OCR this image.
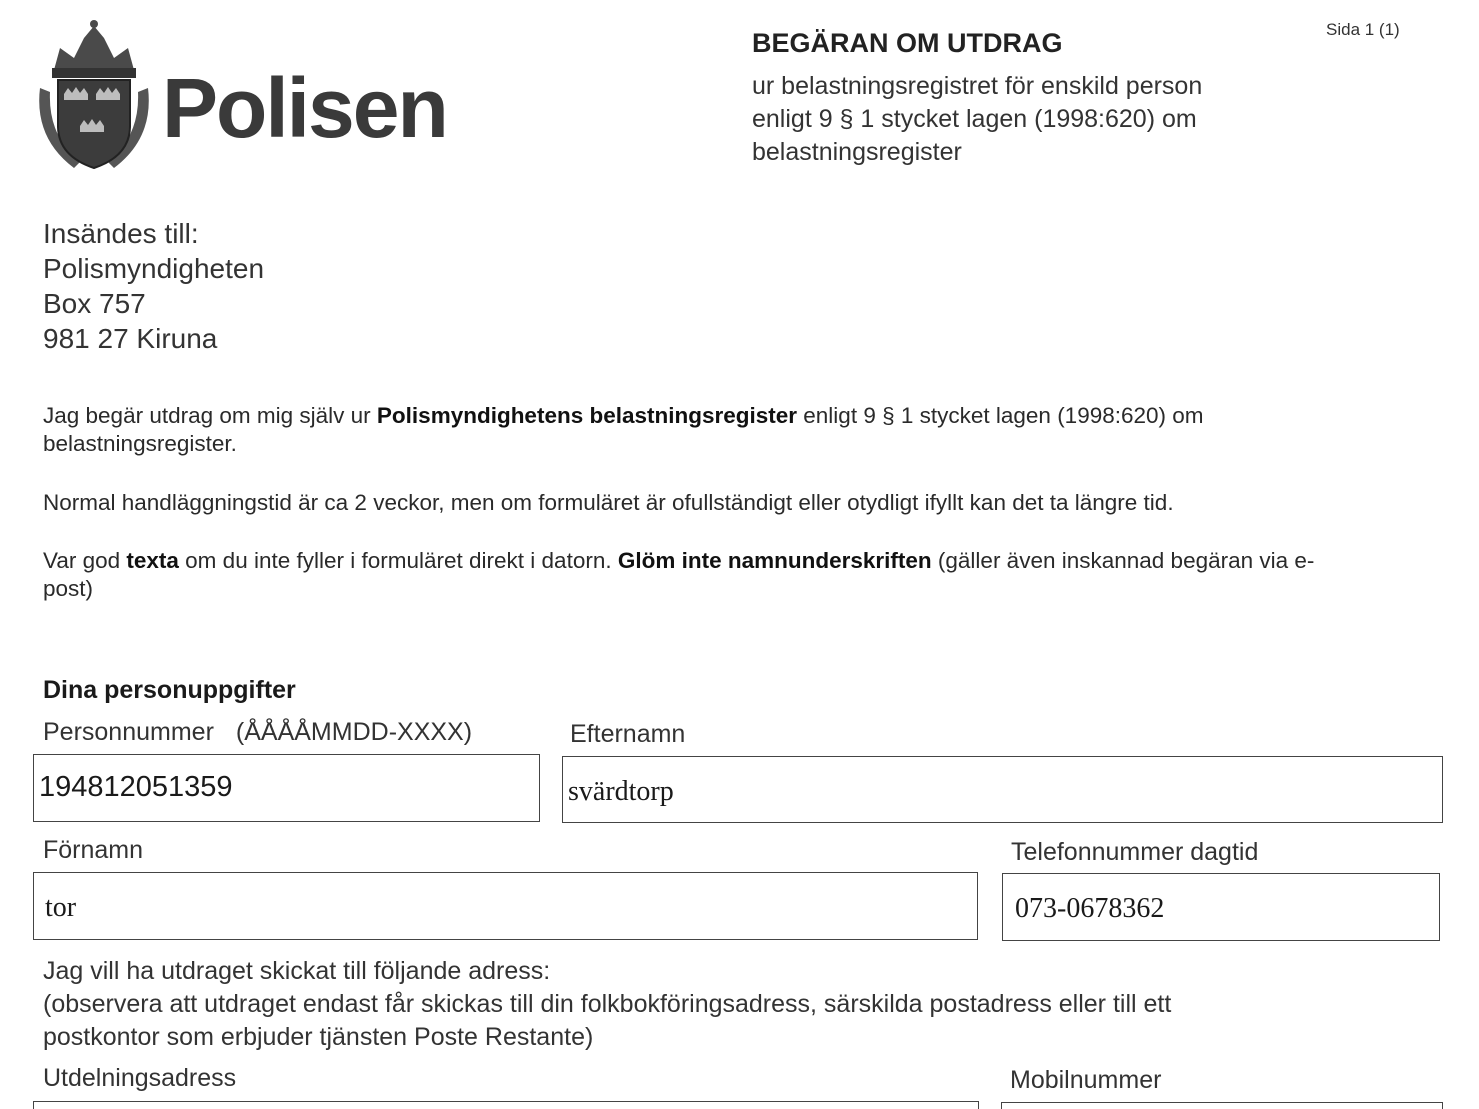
Polisen
Sida 1 (1)
BEGÄRAN OM UTDRAG
ur belastningsregistret för enskild person
enligt 9 § 1 stycket lagen (1998:620) om
belastningsregister
Insändes till:
Polismyndigheten
Box 757
981 27 Kiruna
Jag begär utdrag om mig själv ur Polismyndighetens belastningsregister enligt 9 § 1 stycket lagen (1998:620) om belastningsregister.
Normal handläggningstid är ca 2 veckor, men om formuläret är ofullständigt eller otydligt ifyllt kan det ta längre tid.
Var god texta om du inte fyller i formuläret direkt i datorn. Glöm inte namnunderskriften (gäller även inskannad begäran via e-post)
Dina personuppgifter
Personnummer (ÅÅÅÅMMDD-XXXX)
194812051359
Efternamn
svärdtorp
Förnamn
tor
Telefonnummer dagtid
073-0678362
Jag vill ha utdraget skickat till följande adress:
(observera att utdraget endast får skickas till din folkbokföringsadress, särskilda postadress eller till ett
postkontor som erbjuder tjänsten Poste Restante)
Utdelningsadress	Mobilnummer
